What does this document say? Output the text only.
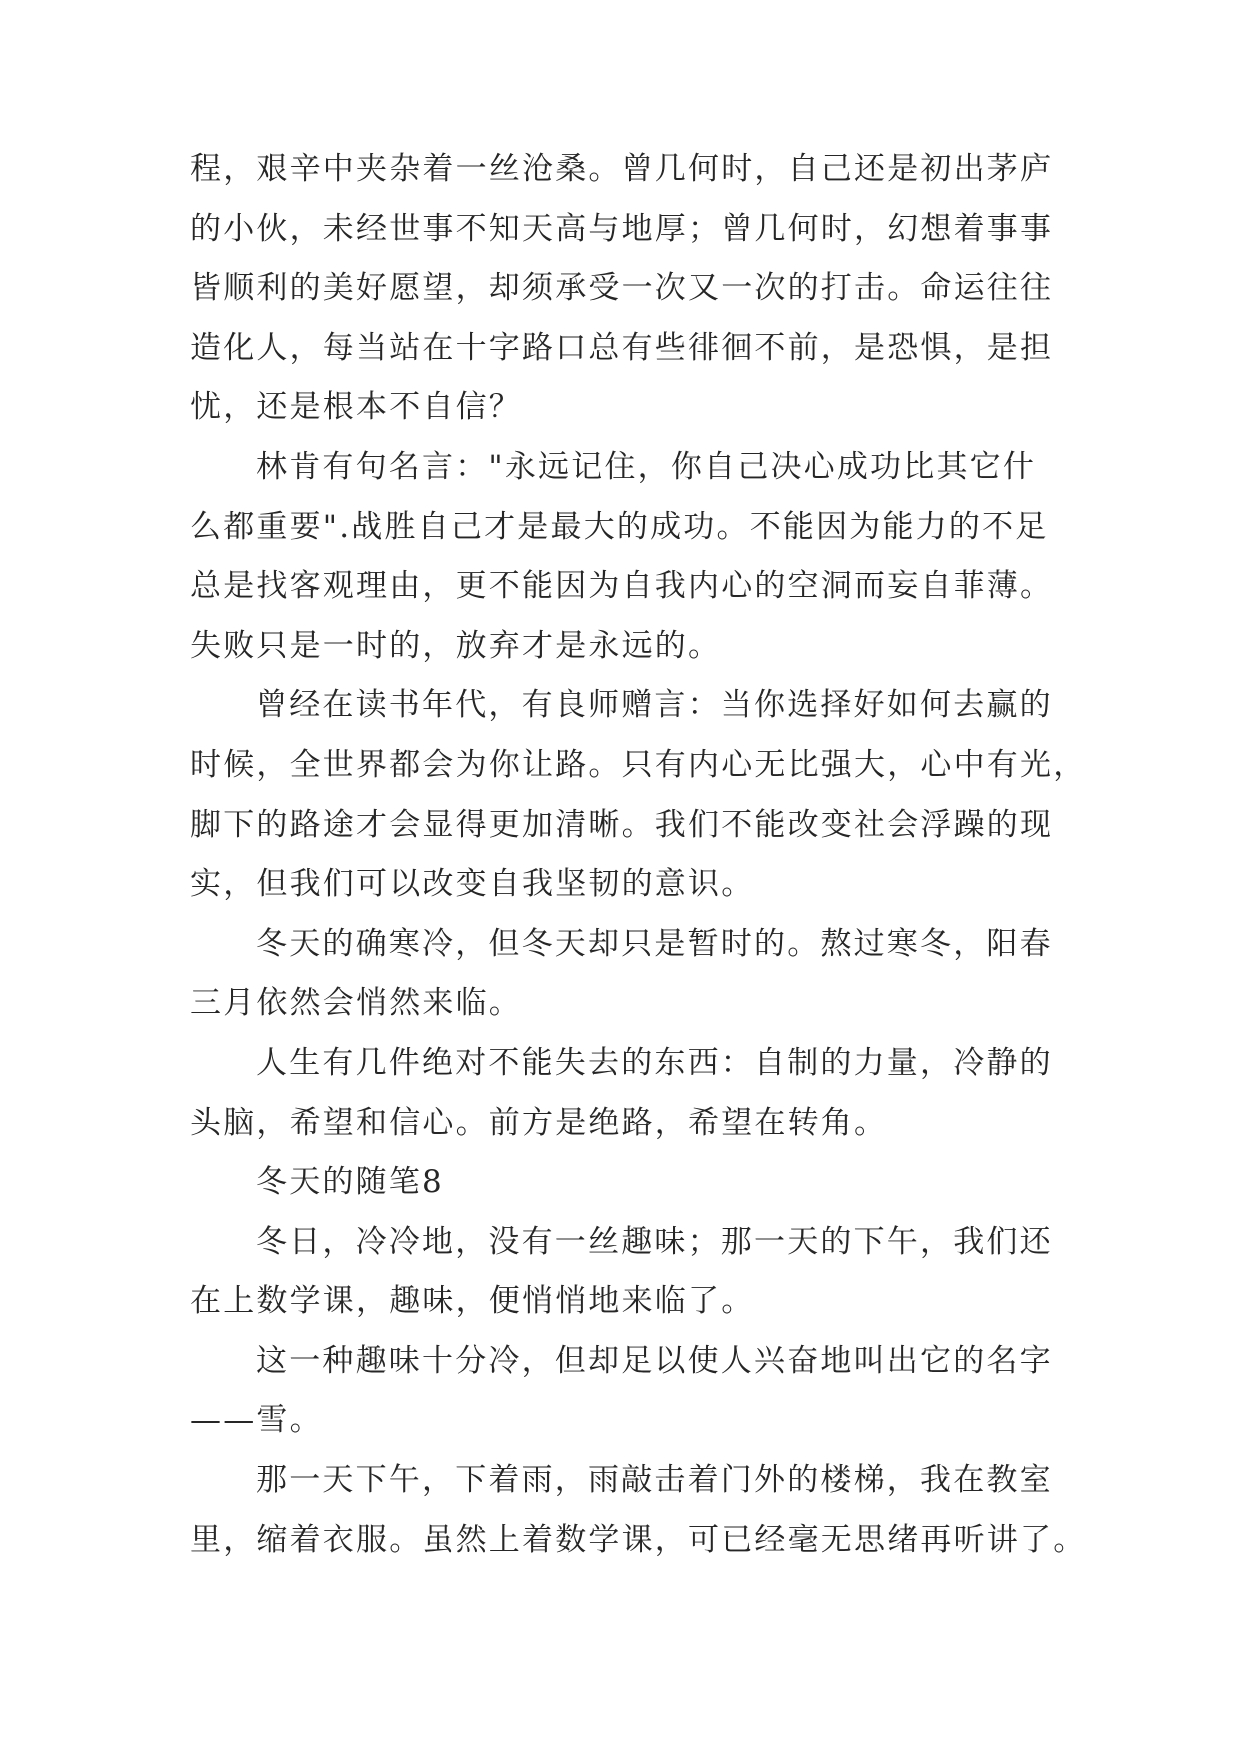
程，艰辛中夹杂着一丝沧桑。曾几何时，自己还是初出茅庐
的小伙，未经世事不知天高与地厚；曾几何时，幻想着事事
皆顺利的美好愿望，却须承受一次又一次的打击。命运往往
造化人，每当站在十字路口总有些徘徊不前，是恐惧，是担
忧，还是根本不自信？
林肯有句名言："永远记住，你自己决心成功比其它什
么都重要".战胜自己才是最大的成功。不能因为能力的不足
总是找客观理由，更不能因为自我内心的空洞而妄自菲薄。
失败只是一时的，放弃才是永远的。
曾经在读书年代，有良师赠言：当你选择好如何去赢的
时候，全世界都会为你让路。只有内心无比强大，心中有光，
脚下的路途才会显得更加清晰。我们不能改变社会浮躁的现
实，但我们可以改变自我坚韧的意识。
冬天的确寒冷，但冬天却只是暂时的。熬过寒冬，阳春
三月依然会悄然来临。
人生有几件绝对不能失去的东西：自制的力量，冷静的
头脑，希望和信心。前方是绝路，希望在转角。
冬天的随笔8
冬日，冷冷地，没有一丝趣味；那一天的下午，我们还
在上数学课，趣味，便悄悄地来临了。
这一种趣味十分冷，但却足以使人兴奋地叫出它的名字
——雪。
那一天下午，下着雨，雨敲击着门外的楼梯，我在教室
里，缩着衣服。虽然上着数学课，可已经毫无思绪再听讲了。
